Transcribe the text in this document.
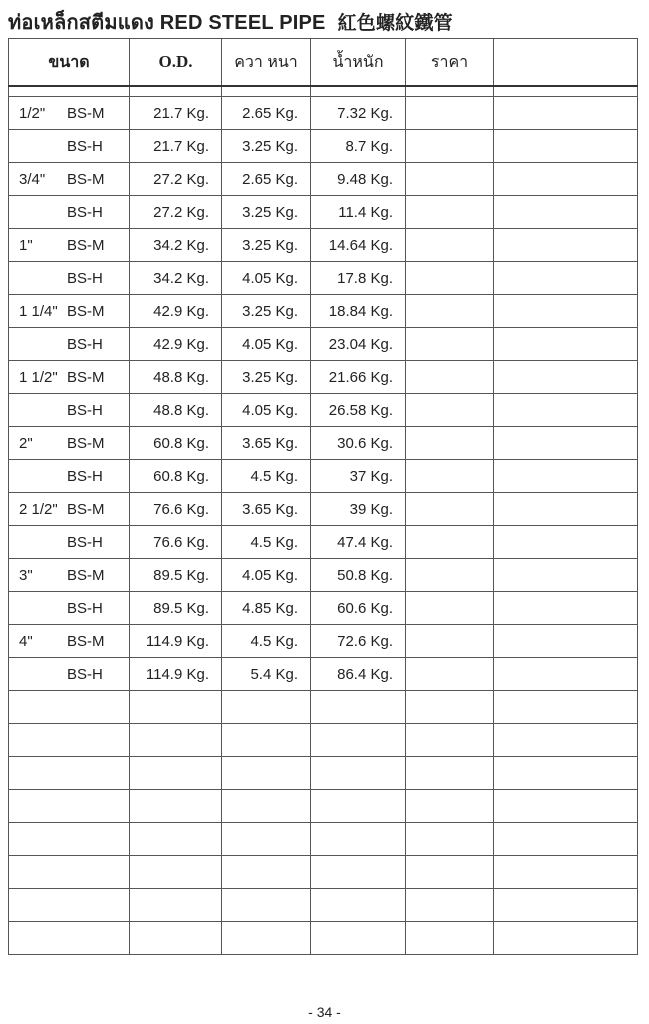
ท่อเหล็กสตีมแดง RED STEEL PIPE 紅色螺紋鐵管
ขนาด	O.D.	ควา หนา	น้ำหนัก	ราคา	

1/2" BS-M	21.7 Kg.	2.65 Kg.	7.32 Kg.		

BS-H	21.7 Kg.	3.25 Kg.	8.7 Kg.		

3/4" BS-M	27.2 Kg.	2.65 Kg.	9.48 Kg.		

BS-H	27.2 Kg.	3.25 Kg.	11.4 Kg.		

1" BS-M	34.2 Kg.	3.25 Kg.	14.64 Kg.		

BS-H	34.2 Kg.	4.05 Kg.	17.8 Kg.		

1 1/4" BS-M	42.9 Kg.	3.25 Kg.	18.84 Kg.		

BS-H	42.9 Kg.	4.05 Kg.	23.04 Kg.		

1 1/2" BS-M	48.8 Kg.	3.25 Kg.	21.66 Kg.		

BS-H	48.8 Kg.	4.05 Kg.	26.58 Kg.		

2" BS-M	60.8 Kg.	3.65 Kg.	30.6 Kg.		

BS-H	60.8 Kg.	4.5 Kg.	37 Kg.		

2 1/2" BS-M	76.6 Kg.	3.65 Kg.	39 Kg.		

BS-H	76.6 Kg.	4.5 Kg.	47.4 Kg.		

3" BS-M	89.5 Kg.	4.05 Kg.	50.8 Kg.		

BS-H	89.5 Kg.	4.85 Kg.	60.6 Kg.		

4" BS-M	114.9 Kg.	4.5 Kg.	72.6 Kg.		

BS-H	114.9 Kg.	5.4 Kg.	86.4 Kg.		

- 34 -
